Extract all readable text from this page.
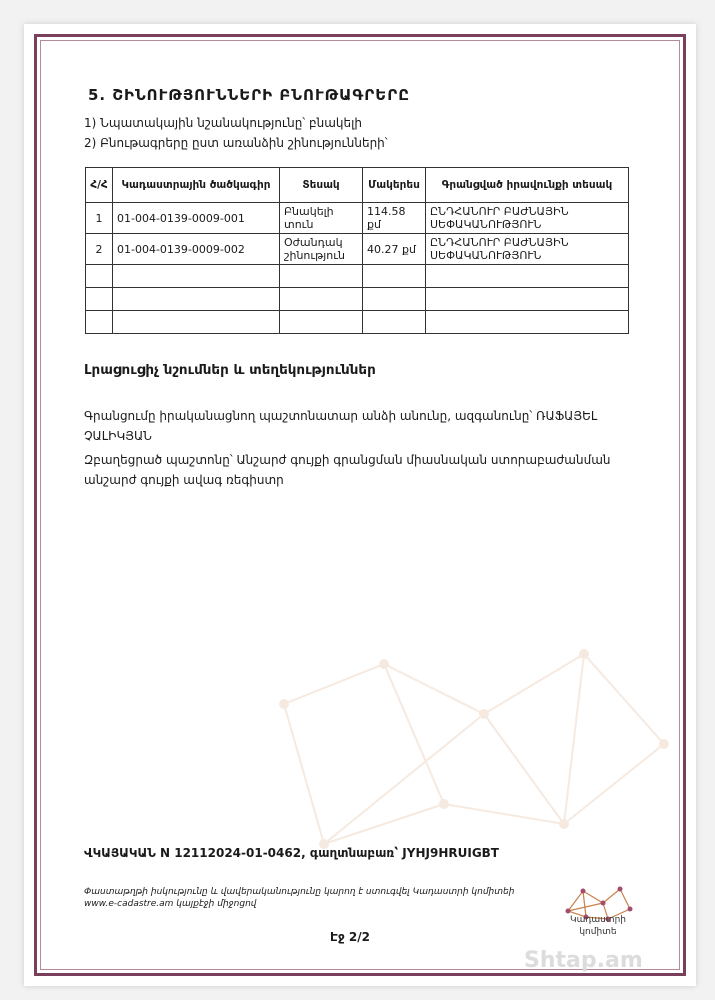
5. ՇԻՆՈՒԹՅՈՒՆՆԵՐԻ ԲՆՈՒԹԱԳՐԵՐԸ
1) Նպատակային նշանակությունը՝ բնակելի
2) Բնութագրերը ըստ առանձին շինությունների՝
Հ/Հ	Կադաստրային ծածկագիր	Տեսակ	Մակերես	Գրանցված իրավունքի տեսակ
1	01-004-0139-0009-001	Բնակելի տուն	114.58 քմ	ԸՆԴՀԱՆՈՒՐ ԲԱԺՆԱՅԻՆ ՍԵՓԱԿԱՆՈՒԹՅՈՒՆ
2	01-004-0139-0009-002	Օժանդակ շինություն	40.27 քմ	ԸՆԴՀԱՆՈՒՐ ԲԱԺՆԱՅԻՆ ՍԵՓԱԿԱՆՈՒԹՅՈՒՆ

Լրացուցիչ նշումներ և տեղեկություններ
Գրանցումը իրականացնող պաշտոնատար անձի անունը, ազգանունը՝ ՌԱՖԱՅԵԼ ՉԱԼԻԿՅԱՆ
Զբաղեցրած պաշտոնը՝ Անշարժ գույքի գրանցման միասնական ստորաբաժանման անշարժ գույքի ավագ ռեգիստր
ՎԿԱՅԱԿԱՆ N 12112024-01-0462, գաղտնաբառ՝ JYHJ9HRUIGBT
Փաստաթղթի իսկությունը և վավերականությունը կարող է ստուգվել Կադաստրի կոմիտեի www.e-cadastre.am կայքէջի միջոցով
Կադաստրի կոմիտե
Էջ 2/2
Shtap.am
